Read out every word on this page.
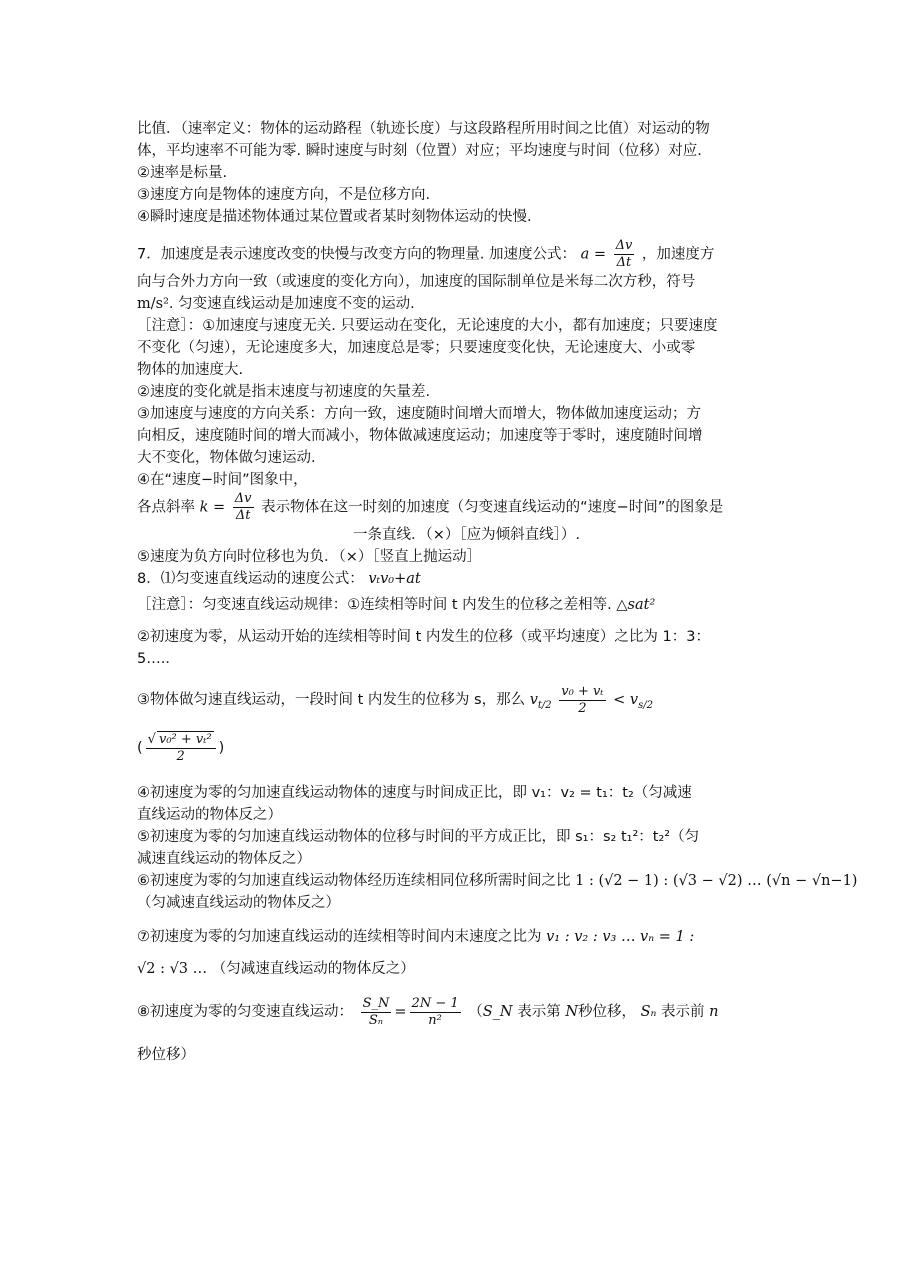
比值．（速率定义：物体的运动路程（轨迹长度）与这段路程所用时间之比值）对运动的物
体，平均速率不可能为零. 瞬时速度与时刻（位置）对应；平均速度与时间（位移）对应.
②速率是标量.
③速度方向是物体的速度方向，不是位移方向.
④瞬时速度是描述物体通过某位置或者某时刻物体运动的快慢.
7．加速度是表示速度改变的快慢与改变方向的物理量. 加速度公式： $a = \frac{\Delta v}{\Delta t}$ ，加速度方
向与合外力方向一致（或速度的变化方向），加速度的国际制单位是米每二次方秒，符号
m/s². 匀变速直线运动是加速度不变的运动.
［注意］：①加速度与速度无关. 只要运动在变化，无论速度的大小，都有加速度；只要速度
不变化（匀速），无论速度多大，加速度总是零；只要速度变化快，无论速度大、小或零
物体的加速度大.
②速度的变化就是指末速度与初速度的矢量差.
③加速度与速度的方向关系：方向一致，速度随时间增大而增大，物体做加速度运动；方
向相反，速度随时间的增大而减小，物体做减速度运动；加速度等于零时，速度随时间增
大不变化，物体做匀速运动.
④在“速度−时间”图象中，
各点斜率 $k = \frac{\Delta v}{\Delta t}$ 表示物体在这一时刻的加速度（匀变速直线运动的“速度−时间”的图象是
一条直线．（×）［应为倾斜直线］）.
⑤速度为负方向时位移也为负．（×）［竖直上抛运动］
8．⑴匀变速直线运动的速度公式： vₜv₀+at
［注意］：匀变速直线运动规律：①连续相等时间 t 内发生的位移之差相等. △sat²
②初速度为零，从运动开始的连续相等时间 t 内发生的位移（或平均速度）之比为 1：3：
5….．
③物体做匀速直线运动，一段时间 t 内发生的位移为 s，那么 $v_{t/2} \frac{\text{v₀ + vₜ}}{2} < v_{s/2}$
( $\frac{\text{√ v₀² + vₜ²}}{2}$ )
④初速度为零的匀加速直线运动物体的速度与时间成正比，即 v₁：v₂ = t₁：t₂（匀减速
直线运动的物体反之）
⑤初速度为零的匀加速直线运动物体的位移与时间的平方成正比，即 s₁：s₂ t₁²：t₂²（匀
减速直线运动的物体反之）
⑥初速度为零的匀加速直线运动物体经历连续相同位移所需时间之比 1 : (√2 − 1) : (√3 − √2) … (√n − √n−1)
（匀减速直线运动的物体反之）
⑦初速度为零的匀加速直线运动的连续相等时间内末速度之比为 v₁ : v₂ : v₃ … vₙ = 1 :
√2 : √3 … （匀减速直线运动的物体反之）
⑧初速度为零的匀变速直线运动： $\frac{S\_N}{\text{Sₙ}} = \frac{2N - 1}{\text{n²}}$ （S_N 表示第 N秒位移， Sₙ 表示前 n
秒位移）
